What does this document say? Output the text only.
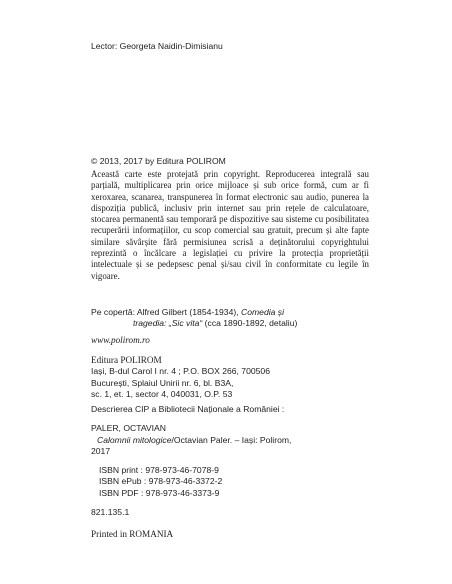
Lector: Georgeta Naidin-Dimisianu
© 2013, 2017 by Editura POLIROM
Această carte este protejată prin copyright. Reproducerea integrală sau parțială, multiplicarea prin orice mijloace și sub orice formă, cum ar fi xeroxarea, scanarea, transpunerea în format electronic sau audio, punerea la dispoziția publică, inclusiv prin internet sau prin rețele de calculatoare, stocarea permanentă sau temporară pe dispozitive sau sisteme cu posibilitatea recuperării informațiilor, cu scop comercial sau gratuit, precum și alte fapte similare săvârșite fără permisiunea scrisă a deținătorului copyrightului reprezintă o încălcare a legislației cu privire la protecția proprietății intelectuale și se pedepsesc penal și/sau civil în conformitate cu legile în vigoare.
Pe copertă: Alfred Gilbert (1854-1934), Comedia și
tragedia: „Sic vita“ (cca 1890-1892, detaliu)
www.polirom.ro
Editura POLIROM
Iași, B-dul Carol I nr. 4 ; P.O. BOX 266, 700506
București, Splaiul Unirii nr. 6, bl. B3A,
sc. 1, et. 1, sector 4, 040031, O.P. 53
Descrierea CIP a Bibliotecii Naționale a României :
PALER, OCTAVIAN
Calomnii mitologice/Octavian Paler. – Iași: Polirom,
2017
ISBN print : 978-973-46-7078-9
ISBN ePub : 978-973-46-3372-2
ISBN PDF : 978-973-46-3373-9
821.135.1
Printed in ROMANIA
